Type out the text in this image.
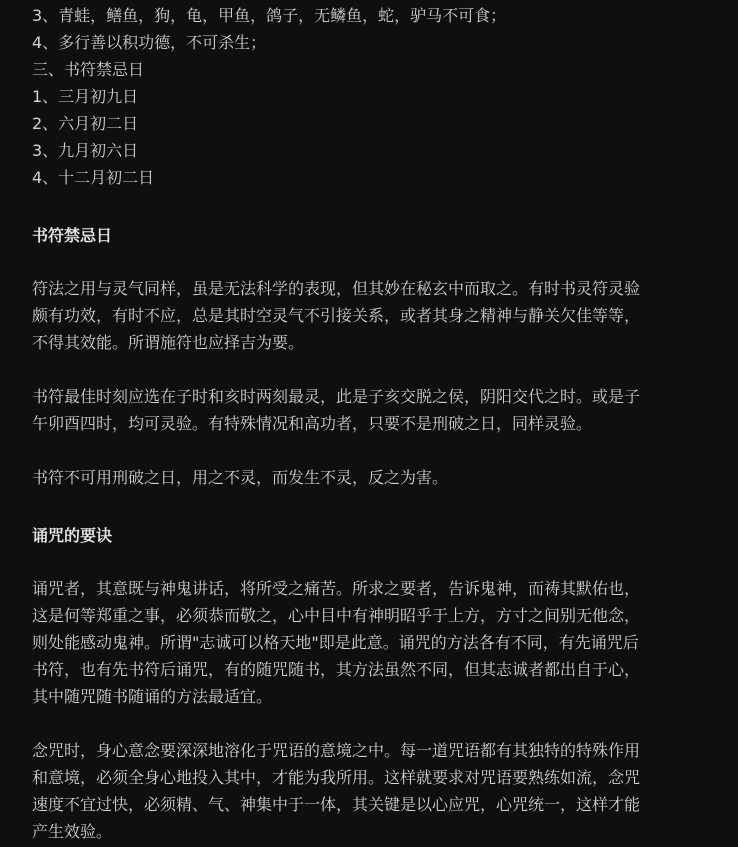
3、青蛙，鳝鱼，狗，龟，甲鱼，鸽子，无鳞鱼，蛇，驴马不可食；
4、多行善以积功德，不可杀生；
三、书符禁忌日
1、三月初九日
2、六月初二日
3、九月初六日
4、十二月初二日
书符禁忌日
符法之用与灵气同样，虽是无法科学的表现，但其妙在秘玄中而取之。有时书灵符灵验
颇有功效，有时不应，总是其时空灵气不引接关系，或者其身之精神与静关欠佳等等，
不得其效能。所谓施符也应择吉为要。
书符最佳时刻应选在子时和亥时两刻最灵，此是子亥交脱之侯，阴阳交代之时。或是子
午卯酉四时，均可灵验。有特殊情况和高功者，只要不是刑破之日，同样灵验。
书符不可用刑破之日，用之不灵，而发生不灵，反之为害。
诵咒的要诀
诵咒者，其意既与神鬼讲话，将所受之痛苦。所求之要者，告诉鬼神，而祷其默佑也，
这是何等郑重之事，必须恭而敬之，心中目中有神明昭乎于上方，方寸之间别无他念，
则处能感动鬼神。所谓"志诚可以格天地"即是此意。诵咒的方法各有不同，有先诵咒后
书符，也有先书符后诵咒，有的随咒随书，其方法虽然不同，但其志诚者都出自于心，
其中随咒随书随诵的方法最适宜。
念咒时，身心意念要深深地溶化于咒语的意境之中。每一道咒语都有其独特的特殊作用
和意境，必须全身心地投入其中，才能为我所用。这样就要求对咒语要熟练如流，念咒
速度不宜过快，必须精、气、神集中于一体，其关键是以心应咒，心咒统一，这样才能
产生效验。
